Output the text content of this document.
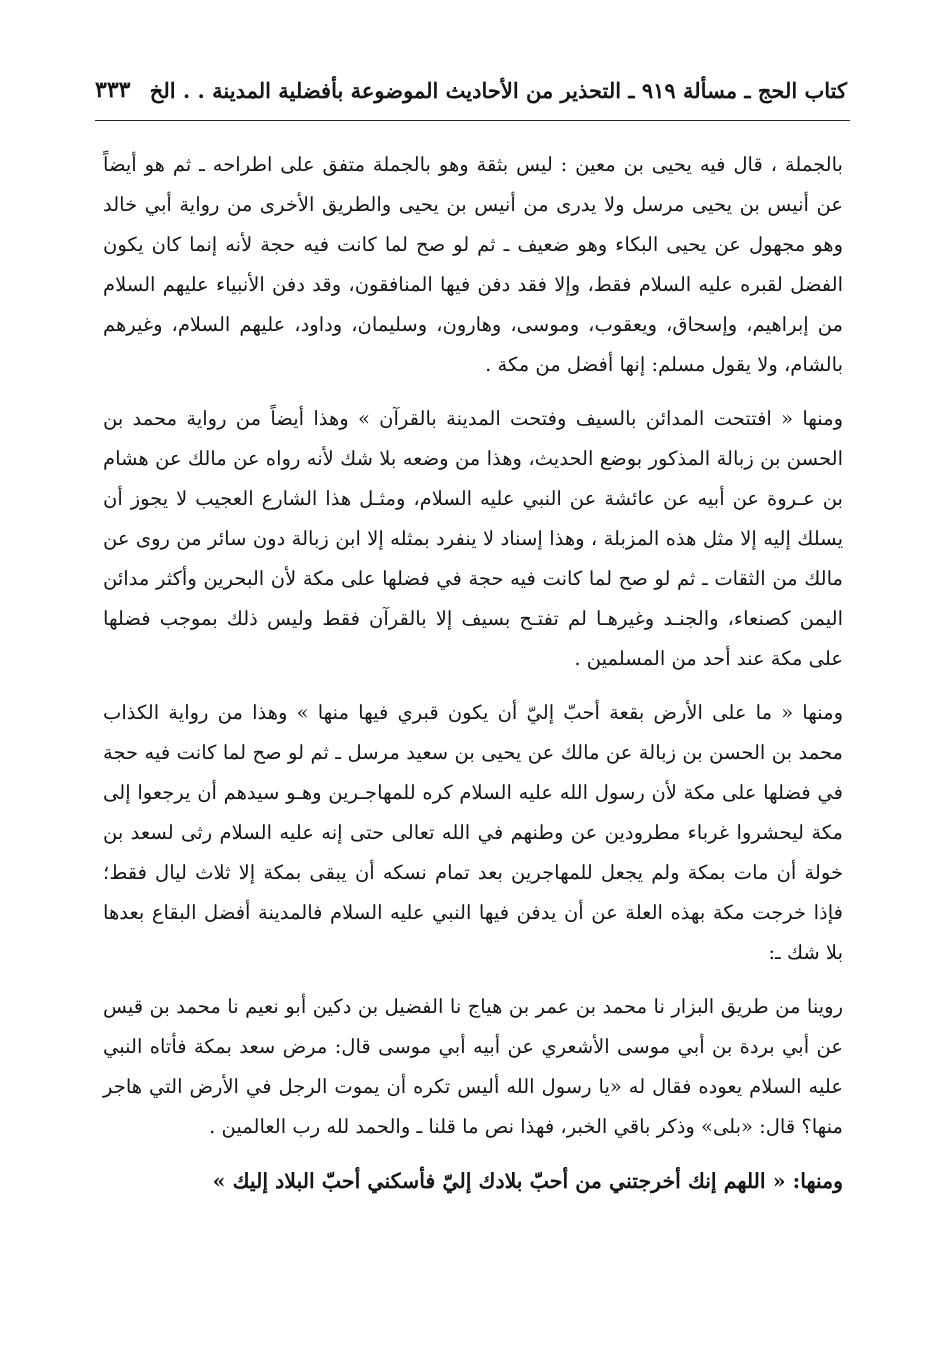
كتاب الحج ـ مسألة ٩١٩ ـ التحذير من الأحاديث الموضوعة بأفضلية المدينة . . الخ
٣٣٣

بالجملة ، قال فيه يحيى بن معين : ليس بثقة وهو بالجملة متفق على اطراحه ـ ثم هو أيضاً عن أنيس بن يحيى مرسل ولا يدرى من أنيس بن يحيى والطريق الأخرى من رواية أبي خالد وهو مجهول عن يحيى البكاء وهو ضعيف ـ ثم لو صح لما كانت فيه حجة لأنه إنما كان يكون الفضل لقبره عليه السلام فقط، وإلا فقد دفن فيها المنافقون، وقد دفن الأنبياء عليهم السلام من إبراهيم، وإسحاق، ويعقوب، وموسى، وهارون، وسليمان، وداود، عليهم السلام، وغيرهم بالشام، ولا يقول مسلم: إنها أفضل من مكة .

ومنها « افتتحت المدائن بالسيف وفتحت المدينة بالقرآن » وهذا أيضاً من رواية محمد بن الحسن بن زبالة المذكور بوضع الحديث، وهذا من وضعه بلا شك لأنه رواه عن مالك عن هشام بن عـروة عن أبيه عن عائشة عن النبي عليه السلام، ومثـل هذا الشارع العجيب لا يجوز أن يسلك إليه إلا مثل هذه المزبلة ، وهذا إسناد لا ينفرد بمثله إلا ابن زبالة دون سائر من روى عن مالك من الثقات ـ ثم لو صح لما كانت فيه حجة في فضلها على مكة لأن البحرين وأكثر مدائن اليمن كصنعاء، والجنـد وغيرهـا لم تفتـح بسيف إلا بالقرآن فقط وليس ذلك بموجب فضلها على مكة عند أحد من المسلمين .

ومنها « ما على الأرض بقعة أحبّ إليّ أن يكون قبري فيها منها » وهذا من رواية الكذاب محمد بن الحسن بن زبالة عن مالك عن يحيى بن سعيد مرسل ـ ثم لو صح لما كانت فيه حجة في فضلها على مكة لأن رسول الله عليه السلام كره للمهاجـرين وهـو سيدهم أن يرجعوا إلى مكة ليحشروا غرباء مطرودين عن وطنهم في الله تعالى حتى إنه عليه السلام رثى لسعد بن خولة أن مات بمكة ولم يجعل للمهاجرين بعد تمام نسكه أن يبقى بمكة إلا ثلاث ليال فقط؛ فإذا خرجت مكة بهذه العلة عن أن يدفن فيها النبي عليه السلام فالمدينة أفضل البقاع بعدها بلا شك ـ:

روينا من طريق البزار نا محمد بن عمر بن هياج نا الفضيل بن دكين أبو نعيم نا محمد بن قيس عن أبي بردة بن أبي موسى الأشعري عن أبيه أبي موسى قال: مرض سعد بمكة فأتاه النبي عليه السلام يعوده فقال له «يا رسول الله أليس تكره أن يموت الرجل في الأرض التي هاجر منها؟ قال: «بلى» وذكر باقي الخبر، فهذا نص ما قلنا ـ والحمد لله رب العالمين .

ومنها: « اللهم إنك أخرجتني من أحبّ بلادك إليّ فأسكني أحبّ البلاد إليك »
